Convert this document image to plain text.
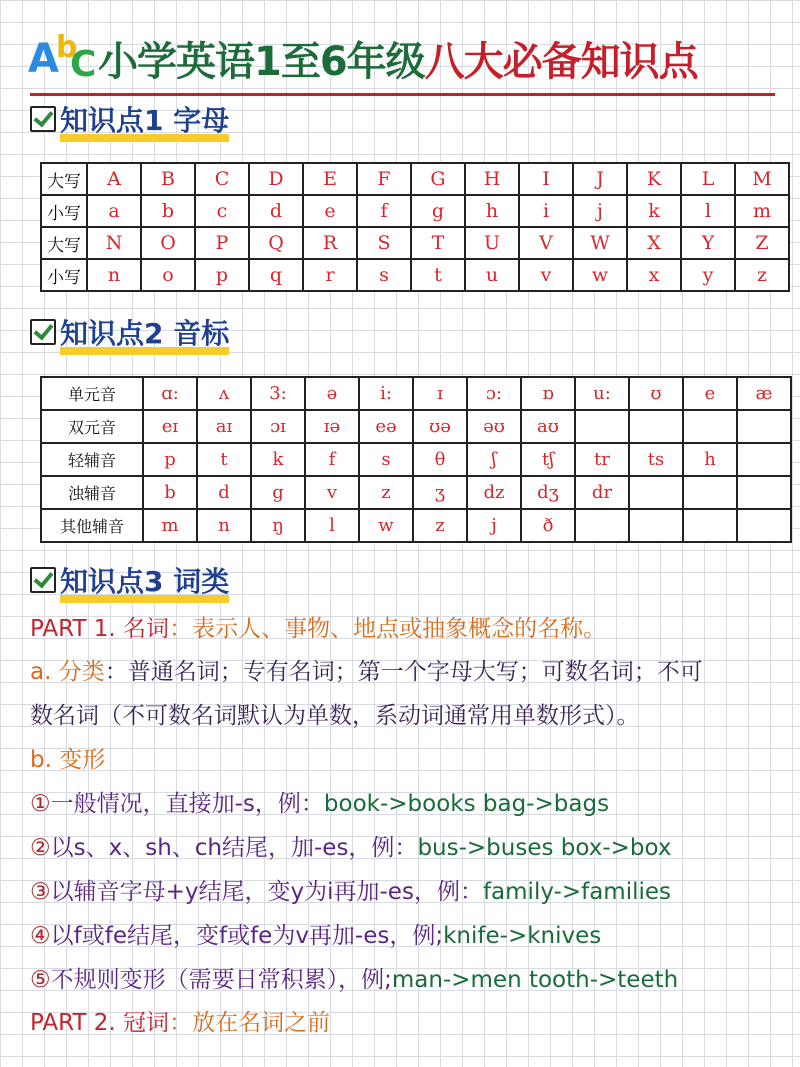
A
b
C 小学英语1至6年级八大必备知识点
知识点1 字母
大写	A	B	C	D	E	F	G	H	I	J	K	L	M
小写	a	b	c	d	e	f	g	h	i	j	k	l	m
大写	N	O	P	Q	R	S	T	U	V	W	X	Y	Z
小写	n	o	p	q	r	s	t	u	v	w	x	y	z
知识点2 音标
单元音	ɑ:	ʌ	3:	ə	i:	ɪ	ɔ:	ɒ	u:	ʊ	e	æ
双元音	eɪ	aɪ	ɔɪ	ɪə	eə	ʊə	əʊ	aʊ				
轻辅音	p	t	k	f	s	θ	ʃ	tʃ	tr	ts	h	
浊辅音	b	d	g	v	z	ʒ	dz	dʒ	dr			
其他辅音	m	n	ŋ	l	w	z	j	ð				
知识点3 词类
PART 1. 名词：表示人、事物、地点或抽象概念的名称。
a. 分类：普通名词；专有名词；第一个字母大写；可数名词；不可
数名词（不可数名词默认为单数，系动词通常用单数形式）。
b. 变形
①一般情况，直接加-s，例：book->books bag->bags
②以s、x、sh、ch结尾，加-es，例：bus->buses box->box
③以辅音字母+y结尾，变y为i再加-es，例：family->families
④以f或fe结尾，变f或fe为v再加-es，例;knife->knives
⑤不规则变形（需要日常积累），例;man->men tooth->teeth
PART 2. 冠词：放在名词之前
